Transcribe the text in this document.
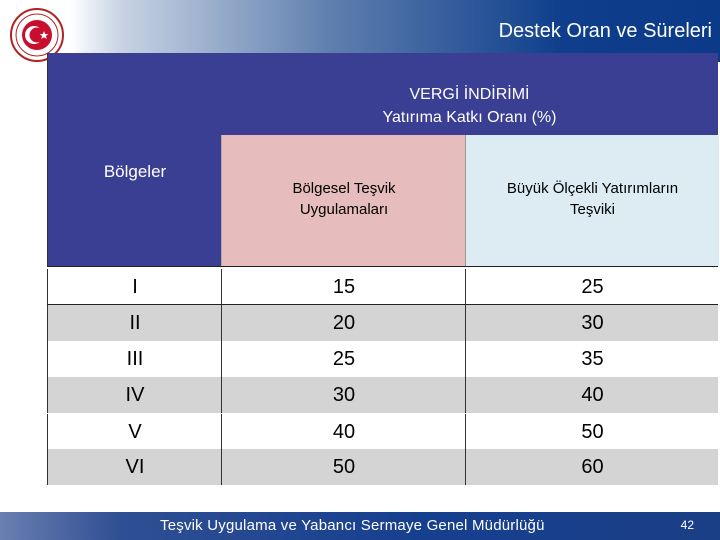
Destek Oran ve Süreleri
Bölgeler
VERGİ İNDİRİMİ
Yatırıma Katkı Oranı (%)
Bölgesel Teşvik
Uygulamaları
Büyük Ölçekli Yatırımların
Teşviki
I	15	25
II	20	30
III	25	35
IV	30	40
V	40	50
VI	50	60
Teşvik Uygulama ve Yabancı Sermaye Genel Müdürlüğü	42
